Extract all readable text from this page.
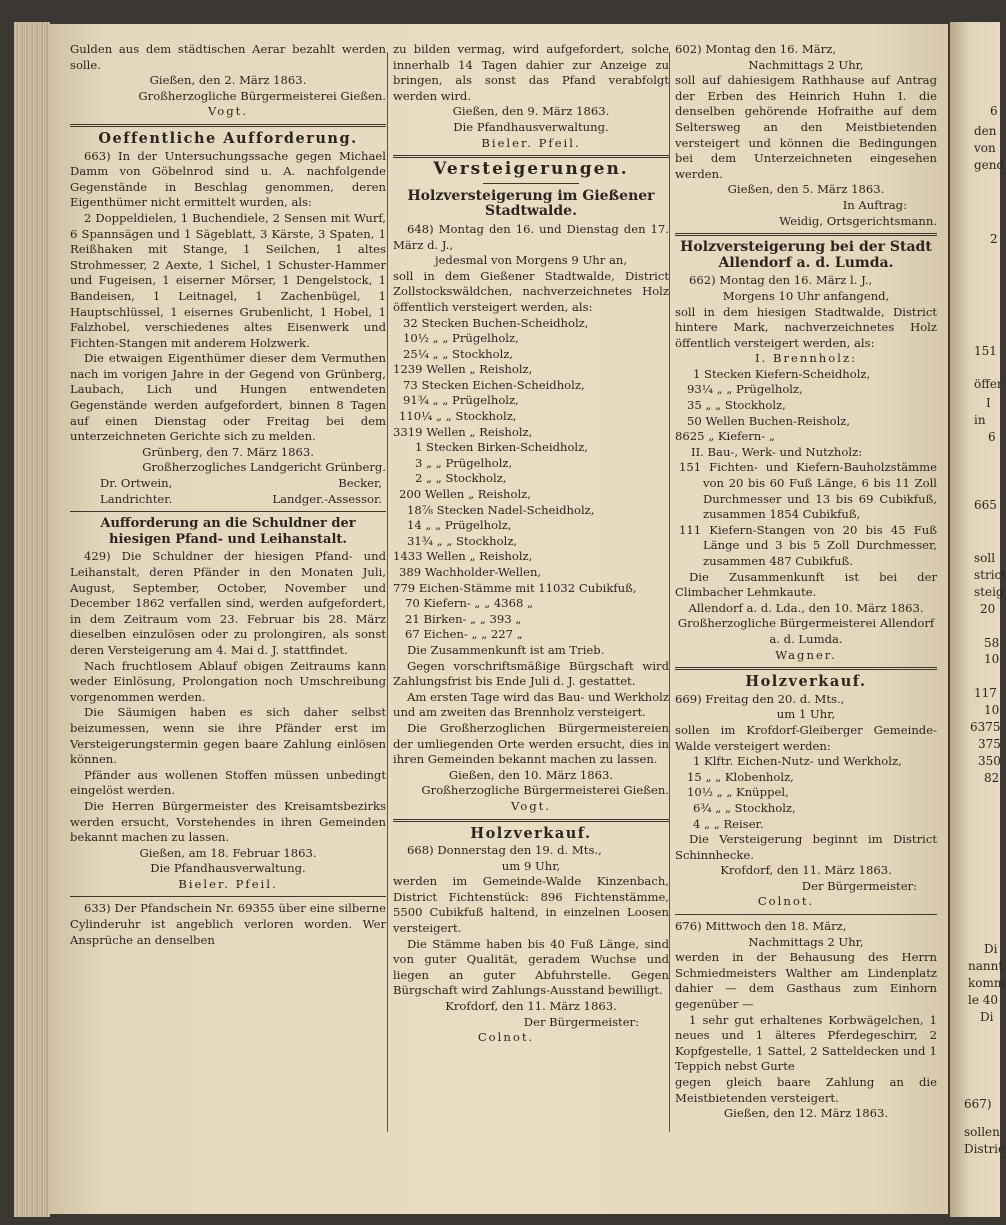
Gulden aus dem städtischen Aerar bezahlt werden solle.

Gießen, den 2. März 1863.

Großherzogliche Bürgermeisterei Gießen.

Vogt.

Oeffentliche Aufforderung.

663) In der Untersuchungssache gegen Michael Damm von Göbelnrod sind u. A. nachfolgende Gegenstände in Beschlag genommen, deren Eigenthümer nicht ermittelt wurden, als:

2 Doppeldielen, 1 Buchendiele, 2 Sensen mit Wurf, 6 Spannsägen und 1 Sägeblatt, 3 Kärste, 3 Spaten, 1 Reißhaken mit Stange, 1 Seilchen, 1 altes Strohmesser, 2 Aexte, 1 Sichel, 1 Schuster-Hammer und Fugeisen, 1 eiserner Mörser, 1 Dengelstock, 1 Bandeisen, 1 Leitnagel, 1 Zachenbügel, 1 Hauptschlüssel, 1 eisernes Grubenlicht, 1 Hobel, 1 Falzhobel, verschiedenes altes Eisenwerk und Fichten-Stangen mit anderem Holzwerk.

Die etwaigen Eigenthümer dieser dem Vermuthen nach im vorigen Jahre in der Gegend von Grünberg, Laubach, Lich und Hungen entwendeten Gegenstände werden aufgefordert, binnen 8 Tagen auf einen Dienstag oder Freitag bei dem unterzeichneten Gerichte sich zu melden.

Grünberg, den 7. März 1863.

Großherzogliches Landgericht Grünberg.

Dr. Ortwein,	Becker,
Landrichter.	Landger.-Assessor.

Aufforderung an die Schuldner der hiesigen Pfand- und Leihanstalt.

429) Die Schuldner der hiesigen Pfand- und Leihanstalt, deren Pfänder in den Monaten Juli, August, September, October, November und December 1862 verfallen sind, werden aufgefordert, in dem Zeitraum vom 23. Februar bis 28. März dieselben einzulösen oder zu prolongiren, als sonst deren Versteigerung am 4. Mai d. J. stattfindet.

Nach fruchtlosem Ablauf obigen Zeitraums kann weder Einlösung, Prolongation noch Umschreibung vorgenommen werden.

Die Säumigen haben es sich daher selbst beizumessen, wenn sie ihre Pfänder erst im Versteigerungstermin gegen baare Zahlung einlösen können.

Pfänder aus wollenen Stoffen müssen unbedingt eingelöst werden.

Die Herren Bürgermeister des Kreisamtsbezirks werden ersucht, Vorstehendes in ihren Gemeinden bekannt machen zu lassen.

Gießen, am 18. Februar 1863.

Die Pfandhausverwaltung.

Bieler. Pfeil.

633) Der Pfandschein Nr. 69355 über eine silberne Cylinderuhr ist angeblich verloren worden. Wer Ansprüche an denselben

zu bilden vermag, wird aufgefordert, solche innerhalb 14 Tagen dahier zur Anzeige zu bringen, als sonst das Pfand verabfolgt werden wird.

Gießen, den 9. März 1863.

Die Pfandhausverwaltung.

Bieler. Pfeil.

Versteigerungen.

Holzversteigerung im Gießener Stadtwalde.

648) Montag den 16. und Dienstag den 17. März d. J.,

jedesmal von Morgens 9 Uhr an,

soll in dem Gießener Stadtwalde, District Zollstockswäldchen, nachverzeichnetes Holz öffentlich versteigert werden, als:

32 Stecken Buchen-Scheidholz,

10½ „ „ Prügelholz,

25¼ „ „ Stockholz,

1239 Wellen „ Reisholz,

73 Stecken Eichen-Scheidholz,

91¾ „ „ Prügelholz,

110¼ „ „ Stockholz,

3319 Wellen „ Reisholz,

1 Stecken Birken-Scheidholz,

3 „ „ Prügelholz,

2 „ „ Stockholz,

200 Wellen „ Reisholz,

18⅞ Stecken Nadel-Scheidholz,

14 „ „ Prügelholz,

31¾ „ „ Stockholz,

1433 Wellen „ Reisholz,

389 Wachholder-Wellen,

779 Eichen-Stämme mit 11032 Cubikfuß,

70 Kiefern- „ „ 4368 „

21 Birken- „ „ 393 „

67 Eichen- „ „ 227 „

Die Zusammenkunft ist am Trieb.

Gegen vorschriftsmäßige Bürgschaft wird Zahlungsfrist bis Ende Juli d. J. gestattet.

Am ersten Tage wird das Bau- und Werkholz und am zweiten das Brennholz versteigert.

Die Großherzoglichen Bürgermeistereien der umliegenden Orte werden ersucht, dies in ihren Gemeinden bekannt machen zu lassen.

Gießen, den 10. März 1863.

Großherzogliche Bürgermeisterei Gießen.

Vogt.

Holzverkauf.

668) Donnerstag den 19. d. Mts.,

um 9 Uhr,

werden im Gemeinde-Walde Kinzenbach, District Fichtenstück: 896 Fichtenstämme, 5500 Cubikfuß haltend, in einzelnen Loosen versteigert.

Die Stämme haben bis 40 Fuß Länge, sind von guter Qualität, geradem Wuchse und liegen an guter Abfuhrstelle. Gegen Bürgschaft wird Zahlungs-Ausstand bewilligt.

Krofdorf, den 11. März 1863.

Der Bürgermeister:

Colnot.

602) Montag den 16. März,

Nachmittags 2 Uhr,

soll auf dahiesigem Rathhause auf Antrag der Erben des Heinrich Huhn I. die denselben gehörende Hofraithe auf dem Seltersweg an den Meistbietenden versteigert und können die Bedingungen bei dem Unterzeichneten eingesehen werden.

Gießen, den 5. März 1863.

In Auftrag:

Weidig, Ortsgerichtsmann.

Holzversteigerung bei der Stadt Allendorf a. d. Lumda.

662) Montag den 16. März l. J.,

Morgens 10 Uhr anfangend,

soll in dem hiesigen Stadtwalde, District hintere Mark, nachverzeichnetes Holz öffentlich versteigert werden, als:

I. Brennholz:

1 Stecken Kiefern-Scheidholz,

93¼ „ „ Prügelholz,

35 „ „ Stockholz,

50 Wellen Buchen-Reisholz,

8625 „ Kiefern- „

II. Bau-, Werk- und Nutzholz:

151 Fichten- und Kiefern-Bauholzstämme von 20 bis 60 Fuß Länge, 6 bis 11 Zoll Durchmesser und 13 bis 69 Cubikfuß, zusammen 1854 Cubikfuß,

111 Kiefern-Stangen von 20 bis 45 Fuß Länge und 3 bis 5 Zoll Durchmesser, zusammen 487 Cubikfuß.

Die Zusammenkunft ist bei der Climbacher Lehmkaute.

Allendorf a. d. Lda., den 10. März 1863.

Großherzogliche Bürgermeisterei Allendorf

a. d. Lumda.

Wagner.

Holzverkauf.

669) Freitag den 20. d. Mts.,

um 1 Uhr,

sollen im Krofdorf-Gleiberger Gemeinde-Walde versteigert werden:

1 Klftr. Eichen-Nutz- und Werkholz,

15 „ „ Klobenholz,

10½ „ „ Knüppel,

6¾ „ „ Stockholz,

4 „ „ Reiser.

Die Versteigerung beginnt im District Schinnhecke.

Krofdorf, den 11. März 1863.

Der Bürgermeister:

Colnot.

676) Mittwoch den 18. März,

Nachmittags 2 Uhr,

werden in der Behausung des Herrn Schmiedmeisters Walther am Lindenplatz dahier — dem Gasthaus zum Einhorn gegenüber —

1 sehr gut erhaltenes Korbwägelchen, 1 neues und 1 älteres Pferdegeschirr, 2 Kopfgestelle, 1 Sattel, 2 Satteldecken und 1 Teppich nebst Gurte

gegen gleich baare Zahlung an die Meistbietenden versteigert.

Gießen, den 12. März 1863.

6
den
von
gend
2
151
öffer
I
in
6
665
soll
strict
steig
20
58
10
117
10
6375
375
350
82
Di
nannt
komm
le 40
Di
667)
sollen
Distric
